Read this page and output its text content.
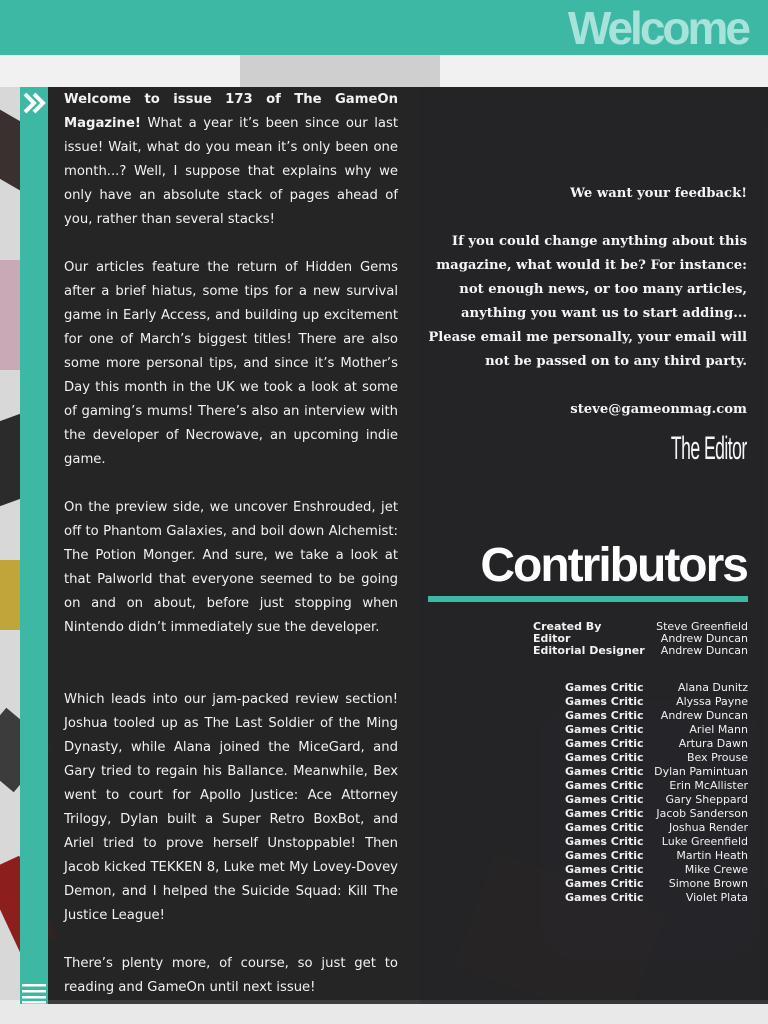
Welcome

Welcome to issue 173 of The GameOn Magazine! What a year it’s been since our last issue! Wait, what do you mean it’s only been one month...? Well, I suppose that explains why we only have an absolute stack of pages ahead of you, rather than several stacks!

Our articles feature the return of Hidden Gems after a brief hiatus, some tips for a new survival game in Early Access, and building up excitement for one of March’s biggest titles! There are also some more personal tips, and since it’s Mother’s Day this month in the UK we took a look at some of gaming’s mums! There’s also an interview with the developer of Necrowave, an upcoming indie game.

On the preview side, we uncover Enshrouded, jet off to Phantom Galaxies, and boil down Alchemist: The Potion Monger. And sure, we take a look at that Palworld that everyone seemed to be going on and on about, before just stopping when Nintendo didn’t immediately sue the developer.

Which leads into our jam-packed review section! Joshua tooled up as The Last Soldier of the Ming Dynasty, while Alana joined the MiceGard, and Gary tried to regain his Ballance. Meanwhile, Bex went to court for Apollo Justice: Ace Attorney Trilogy, Dylan built a Super Retro BoxBot, and Ariel tried to prove herself Unstoppable! Then Jacob kicked TEKKEN 8, Luke met My Lovey-Dovey Demon, and I helped the Suicide Squad: Kill The Justice League!

There’s plenty more, of course, so just get to reading and GameOn until next issue!

We want your feedback!

If you could change anything about this magazine, what would it be? For instance: not enough news, or too many articles, anything you want us to start adding... Please email me personally, your email will not be passed on to any third party.

steve@gameonmag.com

The Editor
Contributors
Created By	Steve Greenfield
Editor	Andrew Duncan
Editorial Designer Andrew Duncan
Games Critic	Alana Dunitz
Games Critic	Alyssa Payne
Games Critic Andrew Duncan
Games Critic	Ariel Mann
Games Critic	Artura Dawn
Games Critic	Bex Prouse
Games Critic Dylan Pamintuan
Games Critic Erin McAllister
Games Critic Gary Sheppard
Games Critic Jacob Sanderson
Games Critic Joshua Render
Games Critic Luke Greenfield
Games Critic	Martin Heath
Games Critic	Mike Crewe
Games Critic Simone Brown
Games Critic	Violet Plata
